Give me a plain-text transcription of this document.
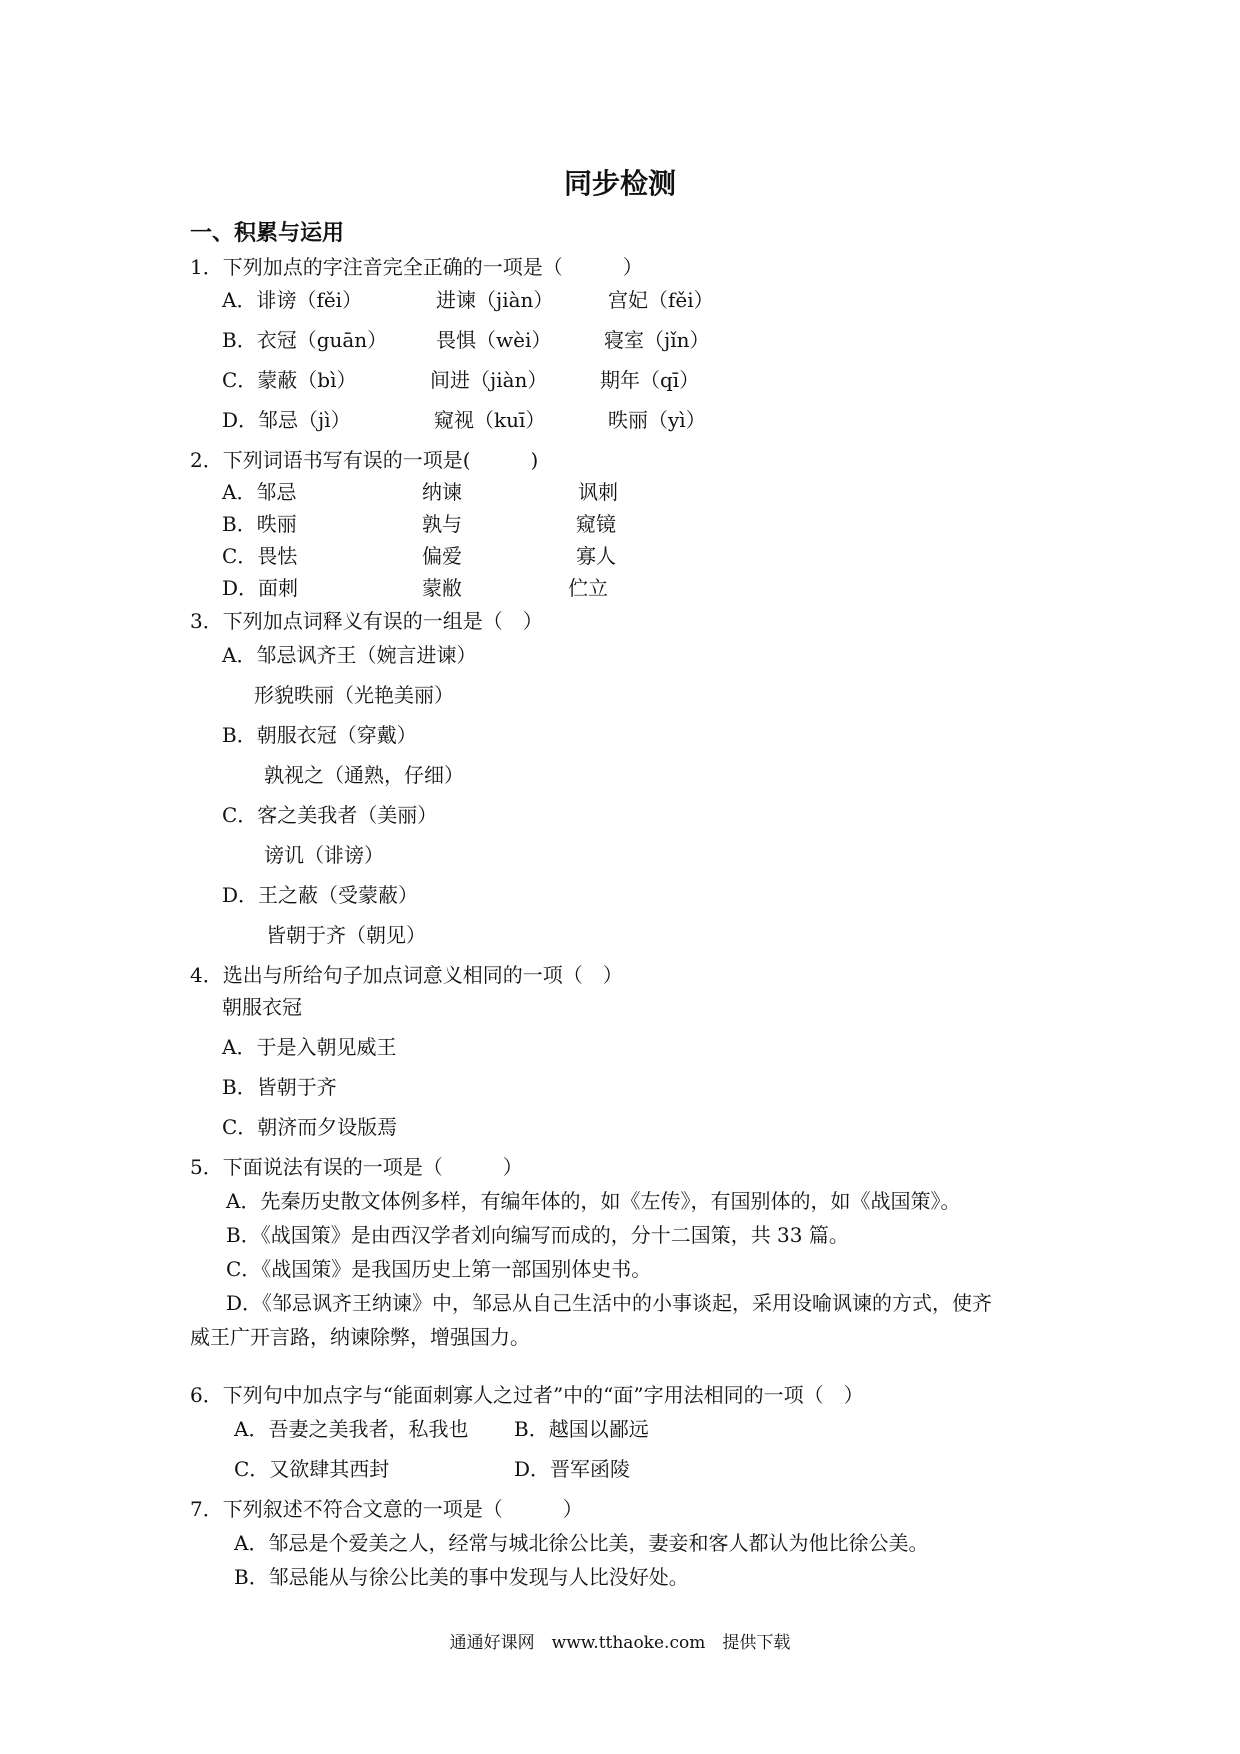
同步检测
一、积累与运用
1．下列加点的字注音完全正确的一项是（　　　）
A．诽谤（fěi）	进谏（jiàn）	宫妃（fěi）
B．衣冠（guān） 畏惧（wèi）	寝室（jǐn）
C．蒙蔽（bì）	间进（jiàn）	期年（qī）
D．邹忌（jì）	窥视（kuī）	昳丽（yì）
2．下列词语书写有误的一项是(　　　)
A．邹忌	纳谏	讽刺
B．昳丽	孰与	窥镜
C．畏怯	偏爱	寡人
D．面刺	蒙敝	伫立
3．下列加点词释义有误的一组是（　）
A．邹忌讽齐王（婉言进谏）
形貌昳丽（光艳美丽）
B．朝服衣冠（穿戴）
孰视之（通熟，仔细）
C．客之美我者（美丽）
谤讥（诽谤）
D．王之蔽（受蒙蔽）
皆朝于齐（朝见）
4．选出与所给句子加点词意义相同的一项（　）
朝服衣冠
A．于是入朝见威王
B．皆朝于齐
C．朝济而夕设版焉
5．下面说法有误的一项是（　　　）
A．先秦历史散文体例多样，有编年体的，如《左传》，有国别体的，如《战国策》。
B．《战国策》是由西汉学者刘向编写而成的，分十二国策，共 33 篇。
C．《战国策》是我国历史上第一部国别体史书。
D．《邹忌讽齐王纳谏》中，邹忌从自己生活中的小事谈起，采用设喻讽谏的方式，使齐
威王广开言路，纳谏除弊，增强国力。
6．下列句中加点字与“能面刺寡人之过者”中的“面”字用法相同的一项（　）
A．吾妻之美我者，私我也 B．越国以鄙远
C．又欲肆其西封	D．晋军函陵
7．下列叙述不符合文意的一项是（　　　）
A．邹忌是个爱美之人，经常与城北徐公比美，妻妾和客人都认为他比徐公美。
B．邹忌能从与徐公比美的事中发现与人比没好处。
通通好课网　www.tthaoke.com　提供下载
